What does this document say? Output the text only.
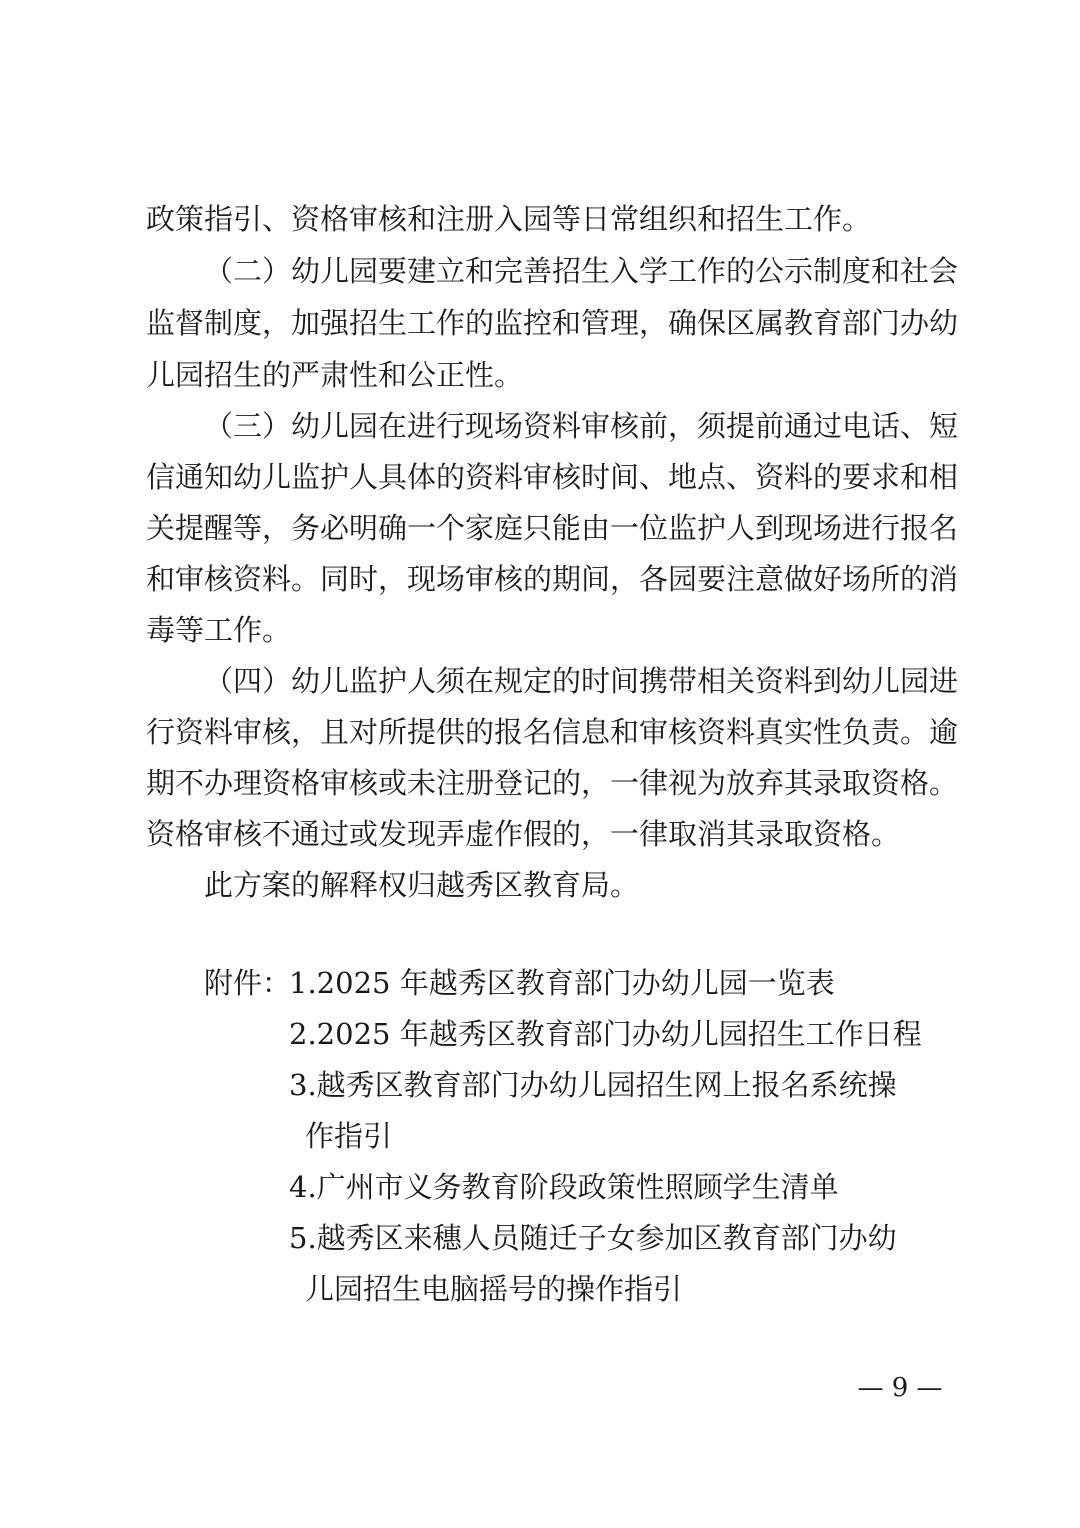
政策指引、资格审核和注册入园等日常组织和招生工作。
（二）幼儿园要建立和完善招生入学工作的公示制度和社会
监督制度，加强招生工作的监控和管理，确保区属教育部门办幼
儿园招生的严肃性和公正性。
（三）幼儿园在进行现场资料审核前，须提前通过电话、短
信通知幼儿监护人具体的资料审核时间、地点、资料的要求和相
关提醒等，务必明确一个家庭只能由一位监护人到现场进行报名
和审核资料。同时，现场审核的期间，各园要注意做好场所的消
毒等工作。
（四）幼儿监护人须在规定的时间携带相关资料到幼儿园进
行资料审核，且对所提供的报名信息和审核资料真实性负责。逾
期不办理资格审核或未注册登记的，一律视为放弃其录取资格。
资格审核不通过或发现弄虚作假的，一律取消其录取资格。
此方案的解释权归越秀区教育局。
附件：
1.2025 年越秀区教育部门办幼儿园一览表
2.2025 年越秀区教育部门办幼儿园招生工作日程
3.越秀区教育部门办幼儿园招生网上报名系统操
作指引
4.广州市义务教育阶段政策性照顾学生清单
5.越秀区来穗人员随迁子女参加区教育部门办幼
儿园招生电脑摇号的操作指引
— 9 —
